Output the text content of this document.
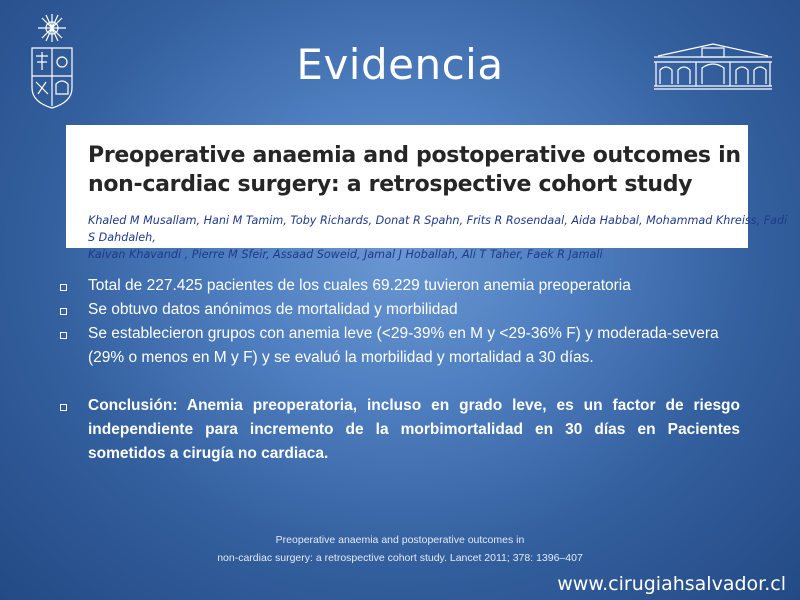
Evidencia
Preoperative anaemia and postoperative outcomes in
non-cardiac surgery: a retrospective cohort study
Khaled M Musallam, Hani M Tamim, Toby Richards, Donat R Spahn, Frits R Rosendaal, Aida Habbal, Mohammad Khreiss, Fadi S Dahdaleh,
Kaivan Khavandi , Pierre M Sfeir, Assaad Soweid, Jamal J Hoballah, Ali T Taher, Faek R Jamali
Total de 227.425 pacientes de los cuales 69.229 tuvieron anemia preoperatoria
Se obtuvo datos anónimos de mortalidad y morbilidad
Se establecieron grupos con anemia leve (<29-39% en M y <29-36% F) y moderada-severa (29% o menos en M y F) y se evaluó la morbilidad y mortalidad a 30 días.
Conclusión: Anemia preoperatoria, incluso en grado leve, es un factor de riesgo independiente para incremento de la morbimortalidad en 30 días en Pacientes sometidos a cirugía no cardiaca.
Preoperative anaemia and postoperative outcomes in
non-cardiac surgery: a retrospective cohort study. Lancet 2011; 378: 1396–407
www.cirugiahsalvador.cl
